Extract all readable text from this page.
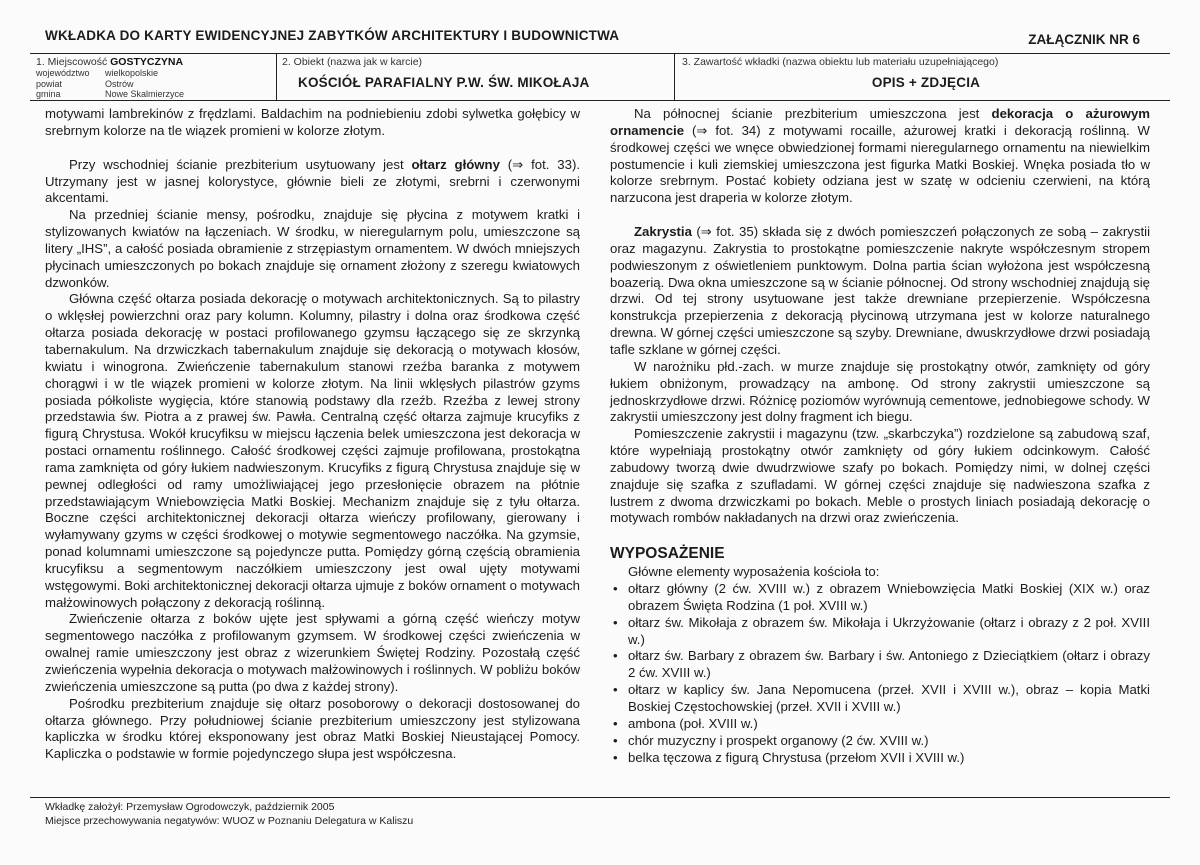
WKŁADKA DO KARTY EWIDENCYJNEJ ZABYTKÓW ARCHITEKTURY I BUDOWNICTWA	ZAŁĄCZNIK NR 6
1. Miejscowość GOSTYCZYNA
województwo	wielkopolskie
powiat	Ostrów
gmina	Nowe Skalmierzyce
2. Obiekt (nazwa jak w karcie)
KOŚCIÓŁ PARAFIALNY P.W. ŚW. MIKOŁAJA
3. Zawartość wkładki (nazwa obiektu lub materiału uzupełniającego)
OPIS + ZDJĘCIA

motywami lambrekinów z frędzlami. Baldachim na podniebieniu zdobi sylwetka gołębicy w srebrnym kolorze na tle wiązek promieni w kolorze złotym.

Przy wschodniej ścianie prezbiterium usytuowany jest ołtarz główny (⇒ fot. 33). Utrzymany jest w jasnej kolorystyce, głównie bieli ze złotymi, srebrni i czerwonymi akcentami.

Na przedniej ścianie mensy, pośrodku, znajduje się płycina z motywem kratki i stylizowanych kwiatów na łączeniach. W środku, w nieregularnym polu, umieszczone są litery „IHS”, a całość posiada obramienie z strzępiastym ornamentem. W dwóch mniejszych płycinach umieszczonych po bokach znajduje się ornament złożony z szeregu kwiatowych dzwonków.

Główna część ołtarza posiada dekorację o motywach architektonicznych. Są to pilastry o wklęsłej powierzchni oraz pary kolumn. Kolumny, pilastry i dolna oraz środkowa część ołtarza posiada dekorację w postaci profilowanego gzymsu łączącego się ze skrzynką tabernakulum. Na drzwiczkach tabernakulum znajduje się dekoracją o motywach kłosów, kwiatu i winogrona. Zwieńczenie tabernakulum stanowi rzeźba baranka z motywem chorągwi i w tle wiązek promieni w kolorze złotym. Na linii wklęsłych pilastrów gzyms posiada półkoliste wygięcia, które stanowią podstawy dla rzeźb. Rzeźba z lewej strony przedstawia św. Piotra a z prawej św. Pawła. Centralną część ołtarza zajmuje krucyfiks z figurą Chrystusa. Wokół krucyfiksu w miejscu łączenia belek umieszczona jest dekoracja w postaci ornamentu roślinnego. Całość środkowej części zajmuje profilowana, prostokątna rama zamknięta od góry łukiem nadwieszonym. Krucyfiks z figurą Chrystusa znajduje się w pewnej odległości od ramy umożliwiającej jego przesłonięcie obrazem na płótnie przedstawiającym Wniebowzięcia Matki Boskiej. Mechanizm znajduje się z tyłu ołtarza. Boczne części architektonicznej dekoracji ołtarza wieńczy profilowany, gierowany i wyłamywany gzyms w części środkowej o motywie segmentowego naczółka. Na gzymsie, ponad kolumnami umieszczone są pojedyncze putta. Pomiędzy górną częścią obramienia krucyfiksu a segmentowym naczółkiem umieszczony jest owal ujęty motywami wstęgowymi. Boki architektonicznej dekoracji ołtarza ujmuje z boków ornament o motywach małżowinowych połączony z dekoracją roślinną.

Zwieńczenie ołtarza z boków ujęte jest spływami a górną część wieńczy motyw segmentowego naczółka z profilowanym gzymsem. W środkowej części zwieńczenia w owalnej ramie umieszczony jest obraz z wizerunkiem Świętej Rodziny. Pozostałą część zwieńczenia wypełnia dekoracja o motywach małżowinowych i roślinnych. W pobliżu boków zwieńczenia umieszczone są putta (po dwa z każdej strony).

Pośrodku prezbiterium znajduje się ołtarz posoborowy o dekoracji dostosowanej do ołtarza głównego. Przy południowej ścianie prezbiterium umieszczony jest stylizowana kapliczka w środku której eksponowany jest obraz Matki Boskiej Nieustającej Pomocy. Kapliczka o podstawie w formie pojedynczego słupa jest współczesna.

Na północnej ścianie prezbiterium umieszczona jest dekoracja o ażurowym ornamencie (⇒ fot. 34) z motywami rocaille, ażurowej kratki i dekoracją roślinną. W środkowej części we wnęce obwiedzionej formami nieregularnego ornamentu na niewielkim postumencie i kuli ziemskiej umieszczona jest figurka Matki Boskiej. Wnęka posiada tło w kolorze srebrnym. Postać kobiety odziana jest w szatę w odcieniu czerwieni, na którą narzucona jest draperia w kolorze złotym.

Zakrystia (⇒ fot. 35) składa się z dwóch pomieszczeń połączonych ze sobą – zakrystii oraz magazynu. Zakrystia to prostokątne pomieszczenie nakryte współczesnym stropem podwieszonym z oświetleniem punktowym. Dolna partia ścian wyłożona jest współczesną boazerią. Dwa okna umieszczone są w ścianie północnej. Od strony wschodniej znajdują się drzwi. Od tej strony usytuowane jest także drewniane przepierzenie. Współczesna konstrukcja przepierzenia z dekoracją płycinową utrzymana jest w kolorze naturalnego drewna. W górnej części umieszczone są szyby. Drewniane, dwuskrzydłowe drzwi posiadają tafle szklane w górnej części.

W narożniku płd.-zach. w murze znajduje się prostokątny otwór, zamknięty od góry łukiem obniżonym, prowadzący na ambonę. Od strony zakrystii umieszczone są jednoskrzydłowe drzwi. Różnicę poziomów wyrównują cementowe, jednobiegowe schody. W zakrystii umieszczony jest dolny fragment ich biegu.

Pomieszczenie zakrystii i magazynu (tzw. „skarbczyka”) rozdzielone są zabudową szaf, które wypełniają prostokątny otwór zamknięty od góry łukiem odcinkowym. Całość zabudowy tworzą dwie dwudrzwiowe szafy po bokach. Pomiędzy nimi, w dolnej części znajduje się szafka z szufladami. W górnej części znajduje się nadwieszona szafka z lustrem z dwoma drzwiczkami po bokach. Meble o prostych liniach posiadają dekorację o motywach rombów nakładanych na drzwi oraz zwieńczenia.

WYPOSAŻENIE

Główne elementy wyposażenia kościoła to:

• ołtarz główny (2 ćw. XVIII w.) z obrazem Wniebowzięcia Matki Boskiej (XIX w.) oraz obrazem Święta Rodzina (1 poł. XVIII w.)
• ołtarz św. Mikołaja z obrazem św. Mikołaja i Ukrzyżowanie (ołtarz i obrazy z 2 poł. XVIII w.)
• ołtarz św. Barbary z obrazem św. Barbary i św. Antoniego z Dzieciątkiem (ołtarz i obrazy 2 ćw. XVIII w.)
• ołtarz w kaplicy św. Jana Nepomucena (przeł. XVII i XVIII w.), obraz – kopia Matki Boskiej Częstochowskiej (przeł. XVII i XVIII w.)
• ambona (poł. XVIII w.)
• chór muzyczny i prospekt organowy (2 ćw. XVIII w.)
• belka tęczowa z figurą Chrystusa (przełom XVII i XVIII w.)
Wkładkę założył: Przemysław Ogrodowczyk, październik 2005
Miejsce przechowywania negatywów: WUOZ w Poznaniu Delegatura w Kaliszu
